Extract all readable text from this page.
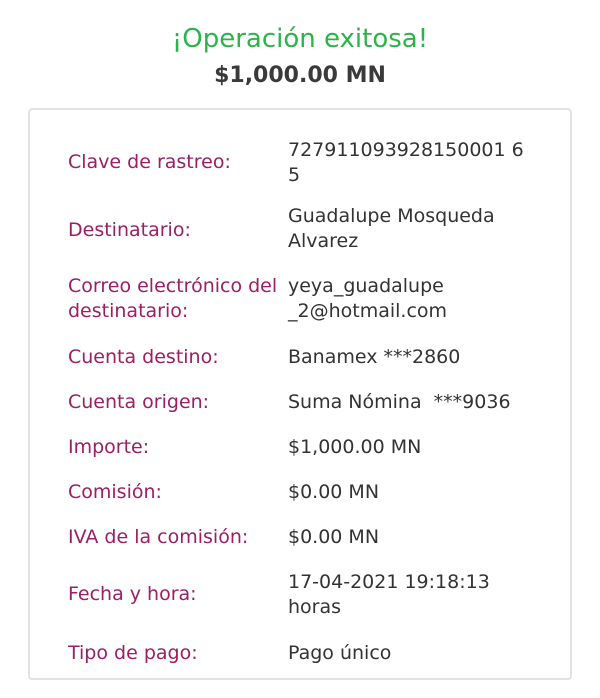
¡Operación exitosa!
$1,000.00 MN
Clave de rastreo:
727911093928150001 6
5
Destinatario:
Guadalupe Mosqueda
Alvarez
Correo electrónico del
destinatario:
yeya_guadalupe
_2@hotmail.com
Cuenta destino:	Banamex ***2860
Cuenta origen:	Suma Nómina  ***9036
Importe:	$1,000.00 MN
Comisión:	$0.00 MN
IVA de la comisión:	$0.00 MN
Fecha y hora:
17-04-2021 19:18:13
horas
Tipo de pago:	Pago único
